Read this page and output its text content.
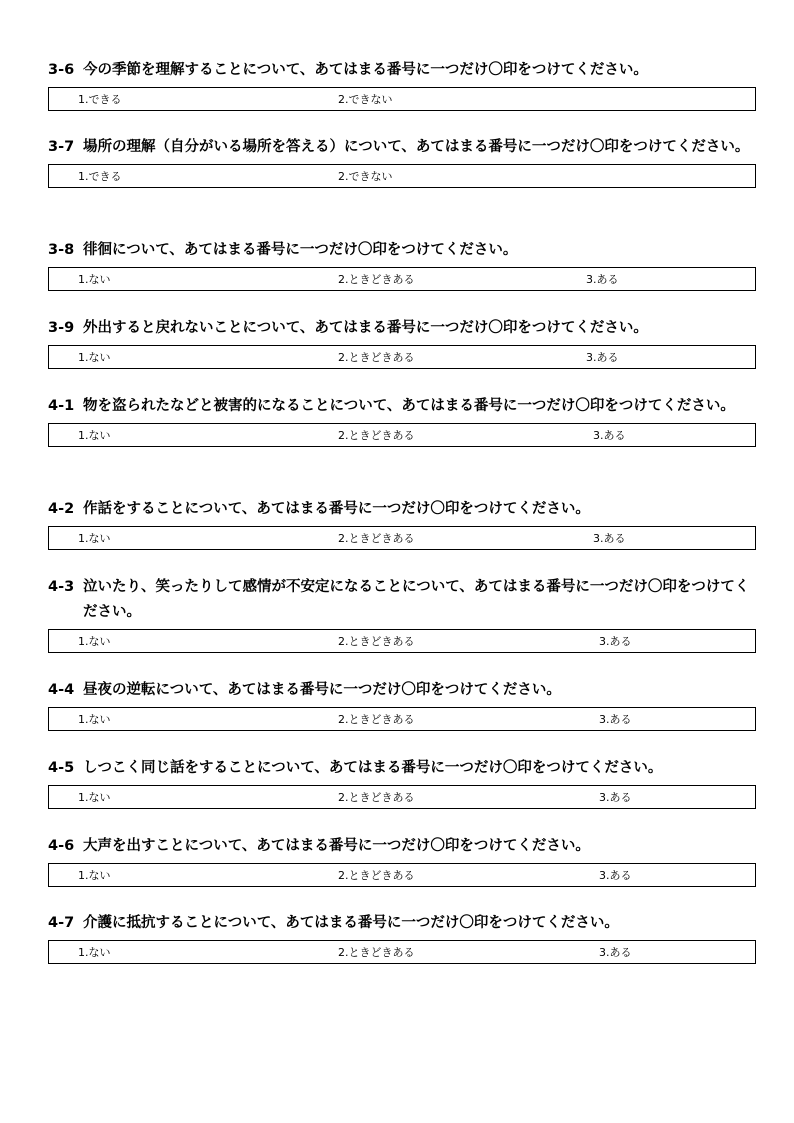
3-6 今の季節を理解することについて、あてはまる番号に一つだけ〇印をつけてください。
1.できる	2.できない
3-7 場所の理解（自分がいる場所を答える）について、あてはまる番号に一つだけ〇印をつけてください。
1.できる	2.できない
3-8 徘徊について、あてはまる番号に一つだけ〇印をつけてください。
1.ない	2.ときどきある	3.ある
3-9 外出すると戻れないことについて、あてはまる番号に一つだけ〇印をつけてください。
1.ない	2.ときどきある	3.ある
4-1 物を盗られたなどと被害的になることについて、あてはまる番号に一つだけ〇印をつけてください。
1.ない	2.ときどきある	3.ある
4-2 作話をすることについて、あてはまる番号に一つだけ〇印をつけてください。
1.ない	2.ときどきある	3.ある
4-3 泣いたり、笑ったりして感情が不安定になることについて、あてはまる番号に一つだけ〇印をつけてください。
1.ない	2.ときどきある	3.ある
4-4 昼夜の逆転について、あてはまる番号に一つだけ〇印をつけてください。
1.ない	2.ときどきある	3.ある
4-5 しつこく同じ話をすることについて、あてはまる番号に一つだけ〇印をつけてください。
1.ない	2.ときどきある	3.ある
4-6 大声を出すことについて、あてはまる番号に一つだけ〇印をつけてください。
1.ない	2.ときどきある	3.ある
4-7 介護に抵抗することについて、あてはまる番号に一つだけ〇印をつけてください。
1.ない	2.ときどきある	3.ある
